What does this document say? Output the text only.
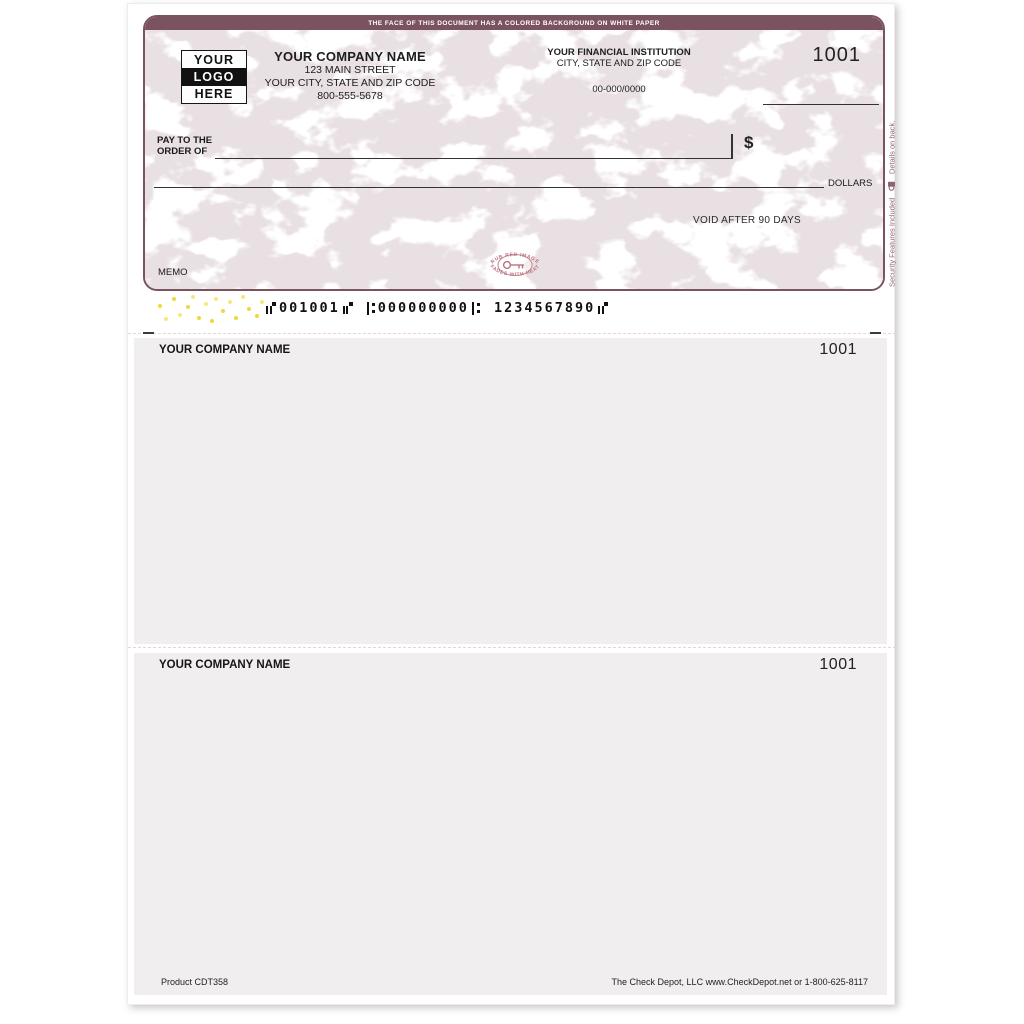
THE FACE OF THIS DOCUMENT HAS A COLORED BACKGROUND ON WHITE PAPER
YOUR
LOGO
HERE
YOUR COMPANY NAME
123 MAIN STREET
YOUR CITY, STATE AND ZIP CODE
800-555-5678
YOUR FINANCIAL INSTITUTION
CITY, STATE AND ZIP CODE
00-000/0000
1001
PAY TO THE
ORDER OF	$
DOLLARS
VOID AFTER 90 DAYS
MEMO
RUB RED IMAGE
FADES WITH HEAT	Security Features Included
Details on back.
001001	000000000 1234567890
YOUR COMPANY NAME	1001
YOUR COMPANY NAME	1001
Product CDT358	The Check Depot, LLC www.CheckDepot.net or 1-800-625-8117
